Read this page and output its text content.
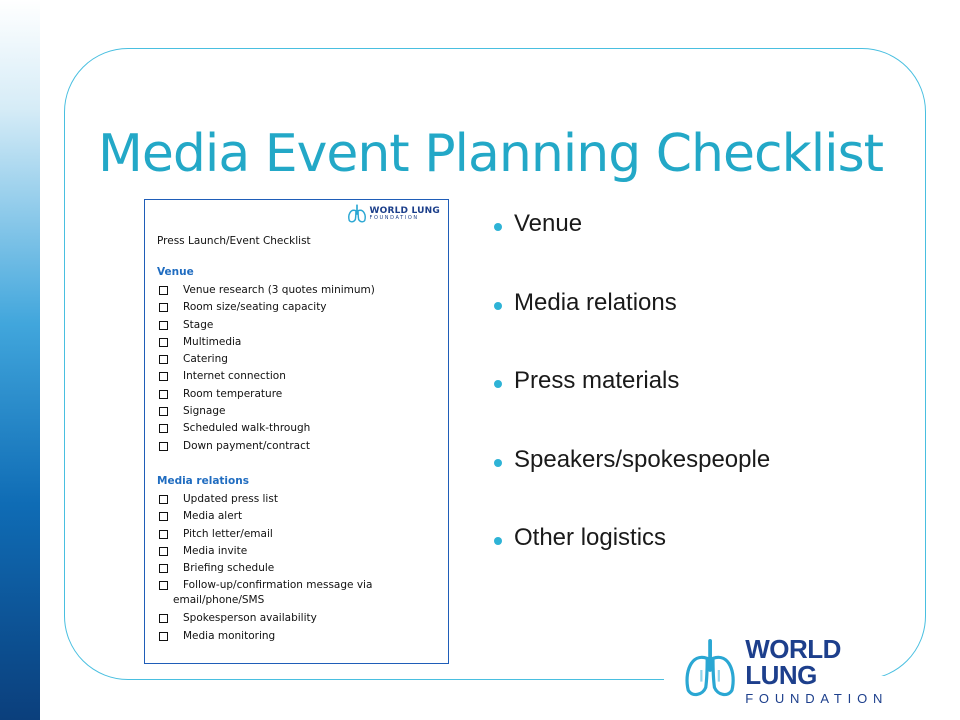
Media Event Planning Checklist
WORLD LUNG
FOUNDATION
Press Launch/Event Checklist
Venue
Venue research (3 quotes minimum)
Room size/seating capacity
Stage
Multimedia
Catering
Internet connection
Room temperature
Signage
Scheduled walk-through
Down payment/contract
Media relations
Updated press list
Media alert
Pitch letter/email
Media invite
Briefing schedule
Follow-up/confirmation message via
email/phone/SMS
Spokesperson availability
Media monitoring
Venue
Media relations
Press materials
Speakers/spokespeople
Other logistics
WORLD LUNG
FOUNDATION
